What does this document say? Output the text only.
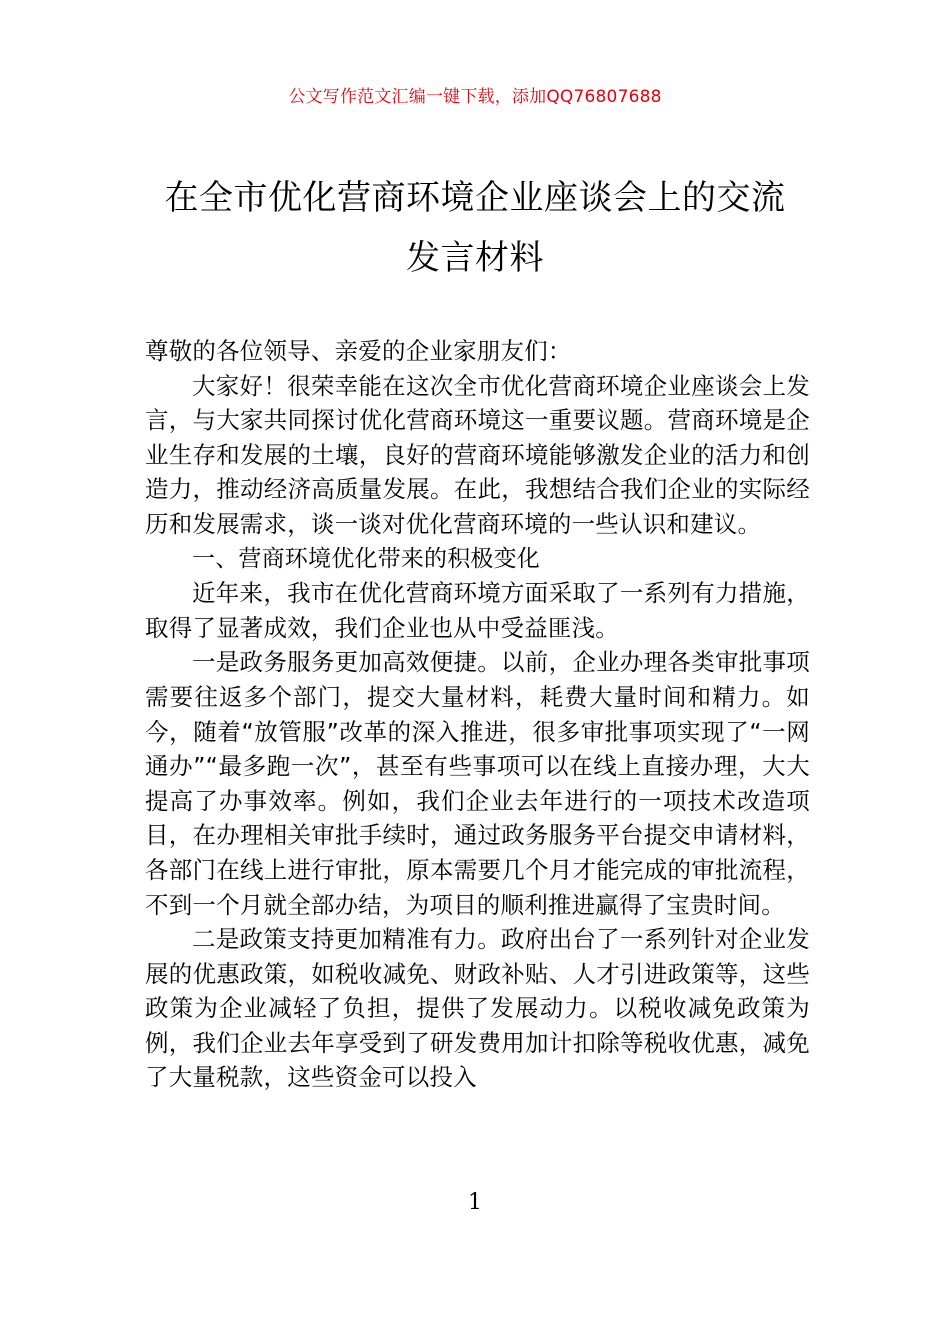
公文写作范文汇编一键下载，添加QQ76807688
在全市优化营商环境企业座谈会上的交流
发言材料

尊敬的各位领导、亲爱的企业家朋友们：

大家好！很荣幸能在这次全市优化营商环境企业座谈会上发言，与大家共同探讨优化营商环境这一重要议题。营商环境是企业生存和发展的土壤，良好的营商环境能够激发企业的活力和创造力，推动经济高质量发展。在此，我想结合我们企业的实际经历和发展需求，谈一谈对优化营商环境的一些认识和建议。

一、营商环境优化带来的积极变化

近年来，我市在优化营商环境方面采取了一系列有力措施，取得了显著成效，我们企业也从中受益匪浅。

一是政务服务更加高效便捷。以前，企业办理各类审批事项需要往返多个部门，提交大量材料，耗费大量时间和精力。如今，随着“放管服”改革的深入推进，很多审批事项实现了“一网通办”“最多跑一次”，甚至有些事项可以在线上直接办理，大大提高了办事效率。例如，我们企业去年进行的一项技术改造项目，在办理相关审批手续时，通过政务服务平台提交申请材料，各部门在线上进行审批，原本需要几个月才能完成的审批流程，不到一个月就全部办结，为项目的顺利推进赢得了宝贵时间。

二是政策支持更加精准有力。政府出台了一系列针对企业发展的优惠政策，如税收减免、财政补贴、人才引进政策等，这些政策为企业减轻了负担，提供了发展动力。以税收减免政策为例，我们企业去年享受到了研发费用加计扣除等税收优惠，减免了大量税款，这些资金可以投入

1
